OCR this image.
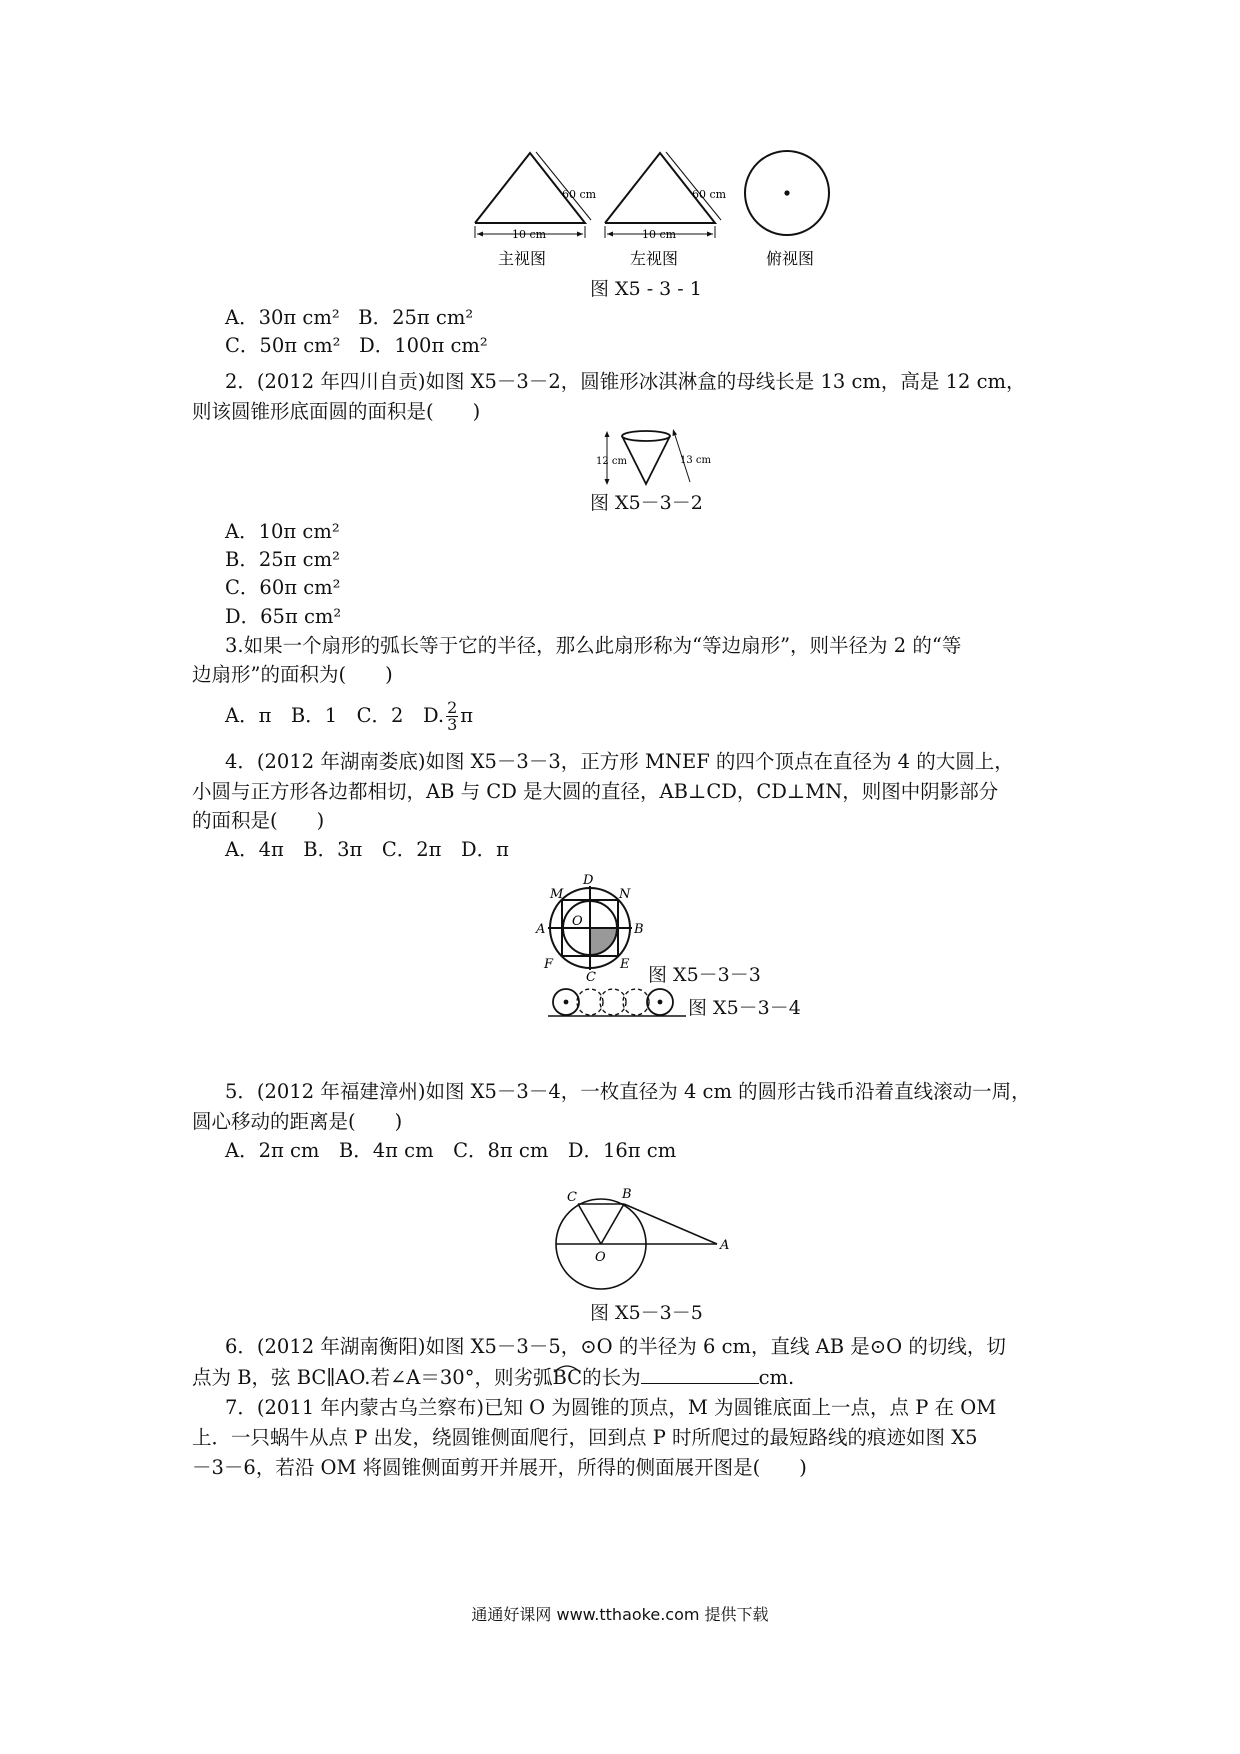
60 cm
10 cm
主视图
60 cm
10 cm
左视图	俯视图
图 X5 - 3 - 1
A．30π cm² B．25π cm²
C．50π cm² D．100π cm²
2．(2012 年四川自贡)如图 X5－3－2，圆锥形冰淇淋盒的母线长是 13 cm，高是 12 cm，
则该圆锥形底面圆的面积是(　　)
12 cm	13 cm
图 X5－3－2
A．10π cm²
B．25π cm²
C．60π cm²
D．65π cm²
3.如果一个扇形的弧长等于它的半径，那么此扇形称为“等边扇形”，则半径为 2 的“等
边扇形”的面积为(　　)
A．π　B．1　C．2　D. $\frac{2}{3}$ π
4．(2012 年湖南娄底)如图 X5－3－3，正方形 MNEF 的四个顶点在直径为 4 的大圆上，
小圆与正方形各边都相切，AB 与 CD 是大圆的直径，AB⊥CD，CD⊥MN，则图中阴影部分
的面积是(　　)
A．4π　B．3π　C．2π　D．π
D
M	N
O
A	B
F	E
C	图 X5－3－3
图 X5－3－4
5．(2012 年福建漳州)如图 X5－3－4，一枚直径为 4 cm 的圆形古钱币沿着直线滚动一周，
圆心移动的距离是(　　)
A．2π cm　B．4π cm　C．8π cm　D．16π cm
C	B
A
O
图 X5－3－5
6．(2012 年湖南衡阳)如图 X5－3－5，⊙O 的半径为 6 cm，直线 AB 是⊙O 的切线，切
点为 B，弦 BC∥AO.若∠A＝30°，则劣弧
BC的长为	cm.
7．(2011 年内蒙古乌兰察布)已知 O 为圆锥的顶点，M 为圆锥底面上一点，点 P 在 OM
上．一只蜗牛从点 P 出发，绕圆锥侧面爬行，回到点 P 时所爬过的最短路线的痕迹如图 X5
－3－6，若沿 OM 将圆锥侧面剪开并展开，所得的侧面展开图是(　　)
通通好课网 www.tthaoke.com 提供下载
